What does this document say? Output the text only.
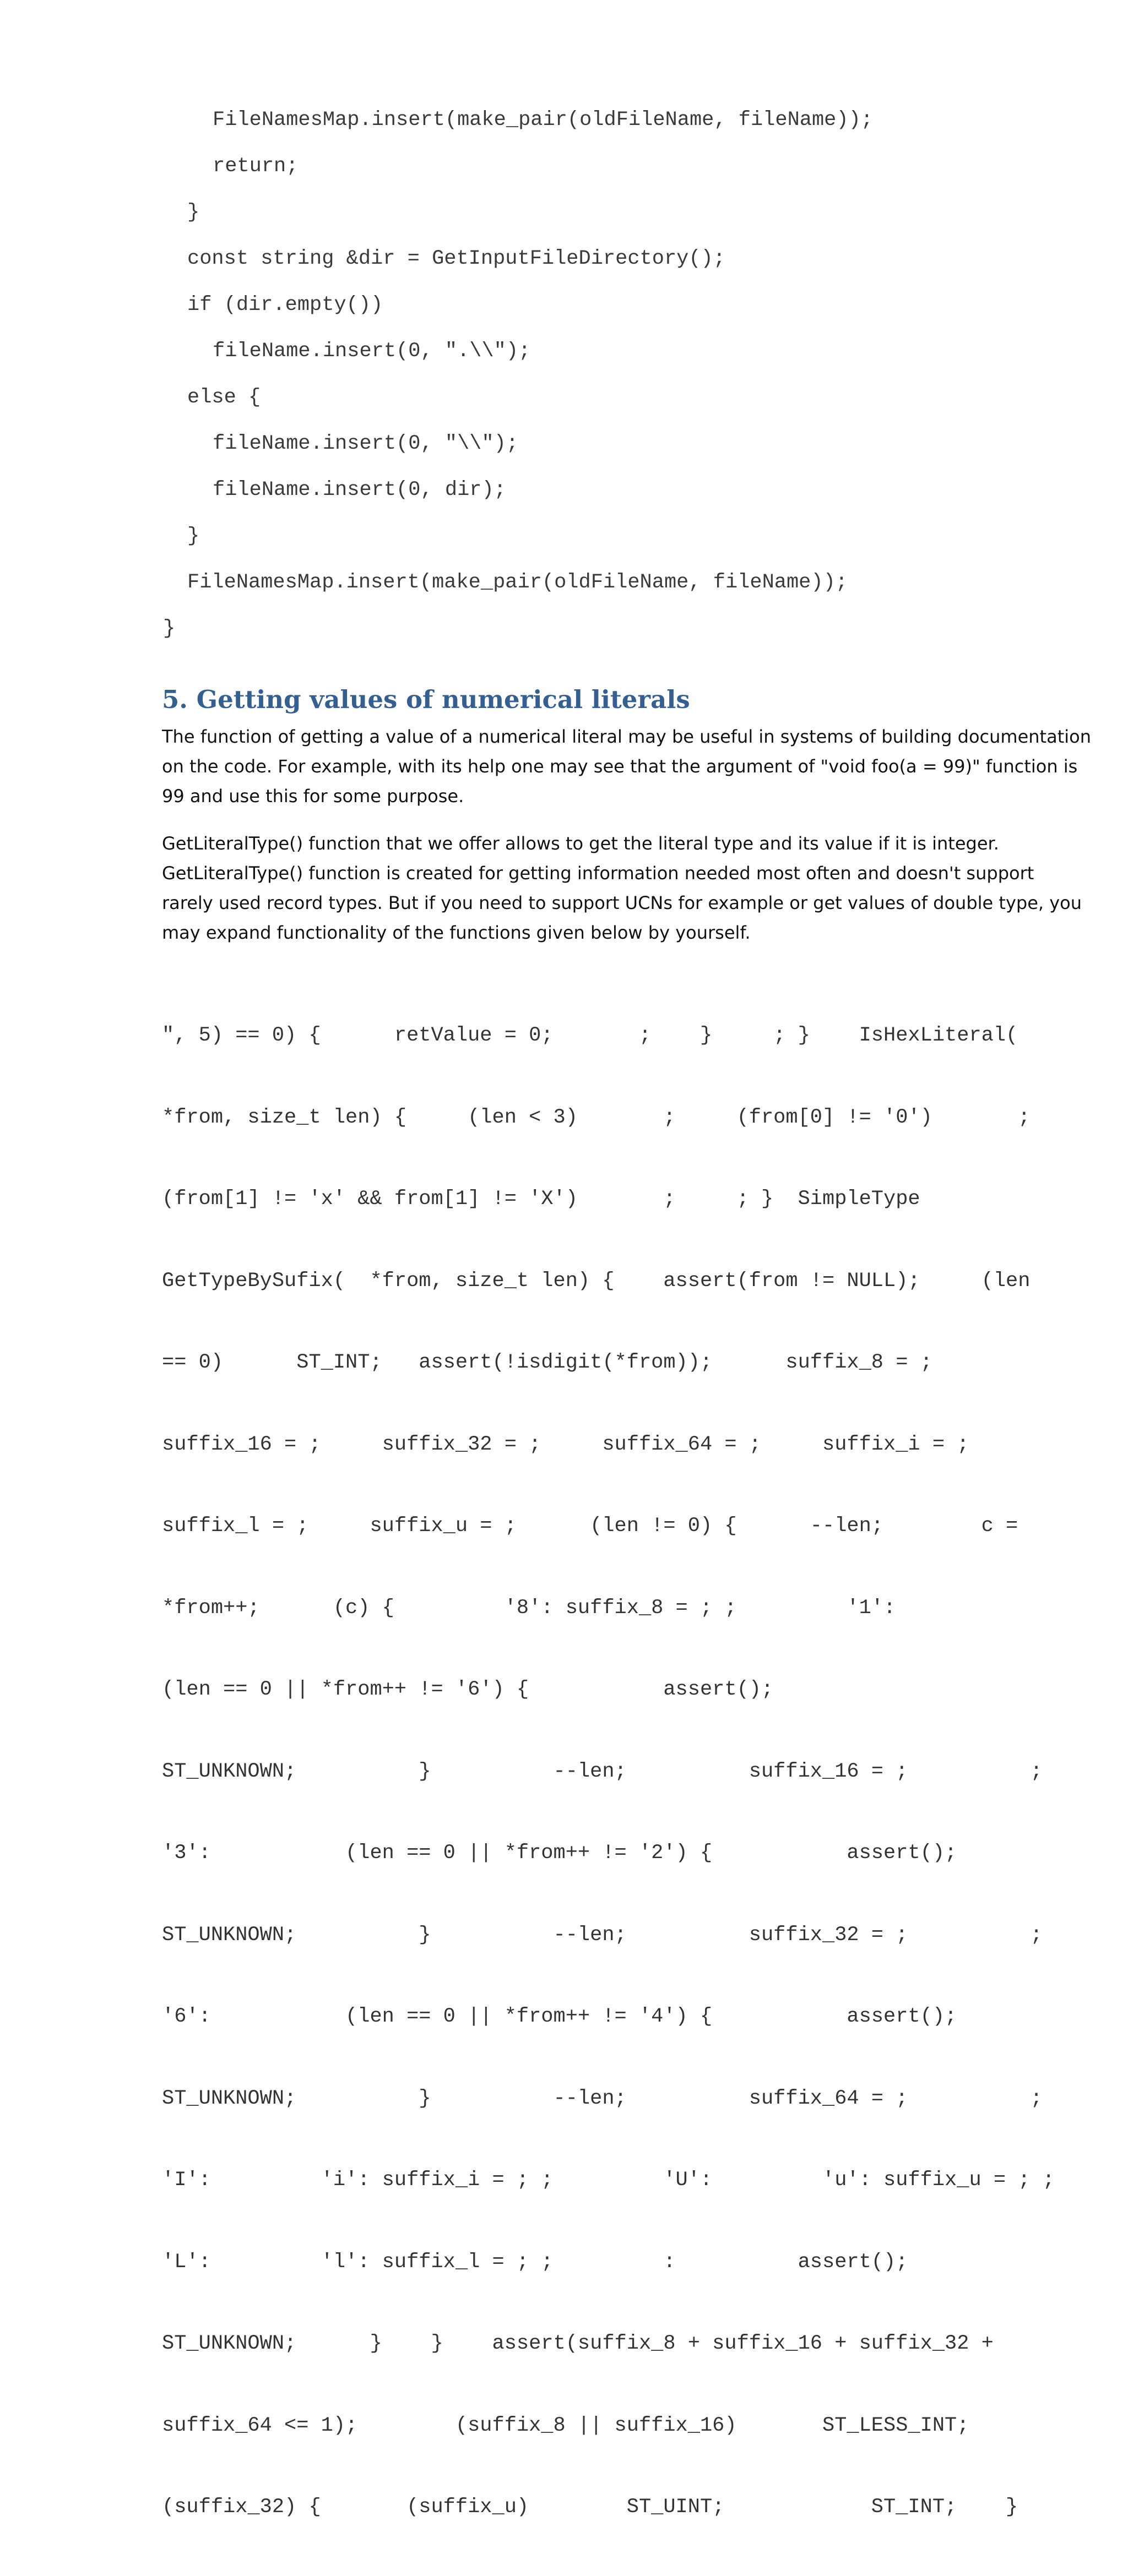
FileNamesMap.insert(make_pair(oldFileName, fileName));
return;
}
const string &dir = GetInputFileDirectory();
if (dir.empty())
fileName.insert(0, ".\\");
else {
fileName.insert(0, "\\");
fileName.insert(0, dir);
}
FileNamesMap.insert(make_pair(oldFileName, fileName));
}
5. Getting values of numerical literals
The function of getting a value of a numerical literal may be useful in systems of building documentation
on the code. For example, with its help one may see that the argument of "void foo(a = 99)" function is
99 and use this for some purpose.
GetLiteralType() function that we offer allows to get the literal type and its value if it is integer.
GetLiteralType() function is created for getting information needed most often and doesn't support
rarely used record types. But if you need to support UCNs for example or get values of double type, you
may expand functionality of the functions given below by yourself.

", 5) == 0) {      retValue = 0;       ;    }     ; }    IsHexLiteral(

*from, size_t len) {     (len < 3)       ;     (from[0] != '0')       ;

(from[1] != 'x' && from[1] != 'X')       ;     ; }  SimpleType

GetTypeBySufix(  *from, size_t len) {    assert(from != NULL);     (len

== 0)      ST_INT;   assert(!isdigit(*from));      suffix_8 = ;

suffix_16 = ;     suffix_32 = ;     suffix_64 = ;     suffix_i = ;

suffix_l = ;     suffix_u = ;      (len != 0) {      --len;        c =

*from++;      (c) {         '8': suffix_8 = ; ;         '1':

(len == 0 || *from++ != '6') {           assert();

ST_UNKNOWN;          }          --len;          suffix_16 = ;          ;

'3':           (len == 0 || *from++ != '2') {           assert();

ST_UNKNOWN;          }          --len;          suffix_32 = ;          ;

'6':           (len == 0 || *from++ != '4') {           assert();

ST_UNKNOWN;          }          --len;          suffix_64 = ;          ;

'I':         'i': suffix_i = ; ;         'U':         'u': suffix_u = ; ;

'L':         'l': suffix_l = ; ;         :          assert();

ST_UNKNOWN;      }    }    assert(suffix_8 + suffix_16 + suffix_32 +

suffix_64 <= 1);        (suffix_8 || suffix_16)       ST_LESS_INT;

(suffix_32) {       (suffix_u)        ST_UINT;            ST_INT;    }
